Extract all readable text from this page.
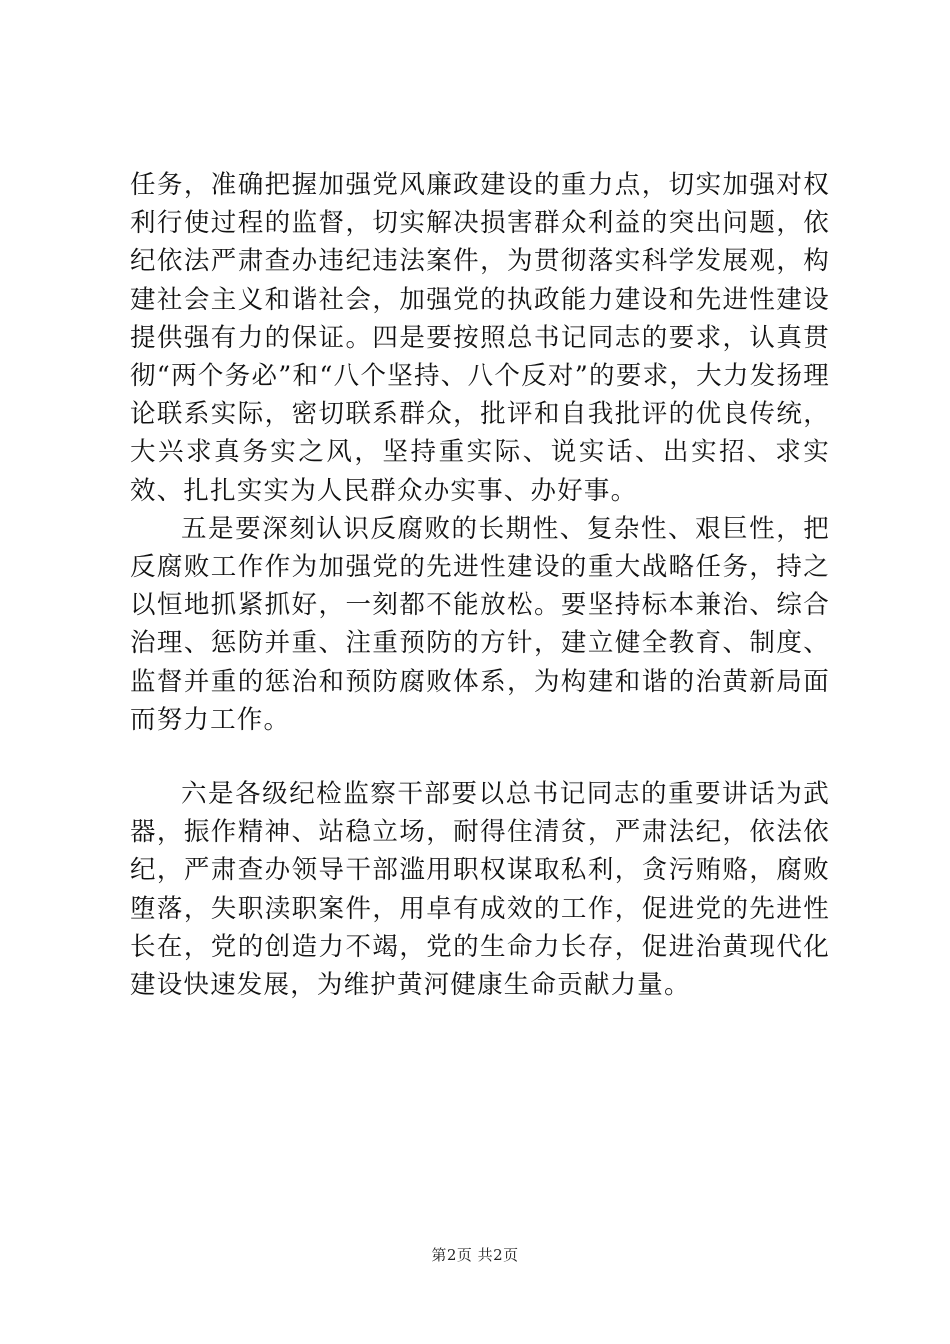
任务，准确把握加强党风廉政建设的重力点，切实加强对权利行使过程的监督，切实解决损害群众利益的突出问题，依纪依法严肃查办违纪违法案件，为贯彻落实科学发展观，构建社会主义和谐社会，加强党的执政能力建设和先进性建设提供强有力的保证。四是要按照总书记同志的要求，认真贯彻“两个务必”和“八个坚持、八个反对”的要求，大力发扬理论联系实际，密切联系群众，批评和自我批评的优良传统，大兴求真务实之风，坚持重实际、说实话、出实招、求实效、扎扎实实为人民群众办实事、办好事。

五是要深刻认识反腐败的长期性、复杂性、艰巨性，把反腐败工作作为加强党的先进性建设的重大战略任务，持之以恒地抓紧抓好，一刻都不能放松。要坚持标本兼治、综合治理、惩防并重、注重预防的方针，建立健全教育、制度、监督并重的惩治和预防腐败体系，为构建和谐的治黄新局面而努力工作。

六是各级纪检监察干部要以总书记同志的重要讲话为武器，振作精神、站稳立场，耐得住清贫，严肃法纪，依法依纪，严肃查办领导干部滥用职权谋取私利，贪污贿赂，腐败堕落，失职渎职案件，用卓有成效的工作，促进党的先进性长在，党的创造力不竭，党的生命力长存，促进治黄现代化建设快速发展，为维护黄河健康生命贡献力量。

第2页 共2页
